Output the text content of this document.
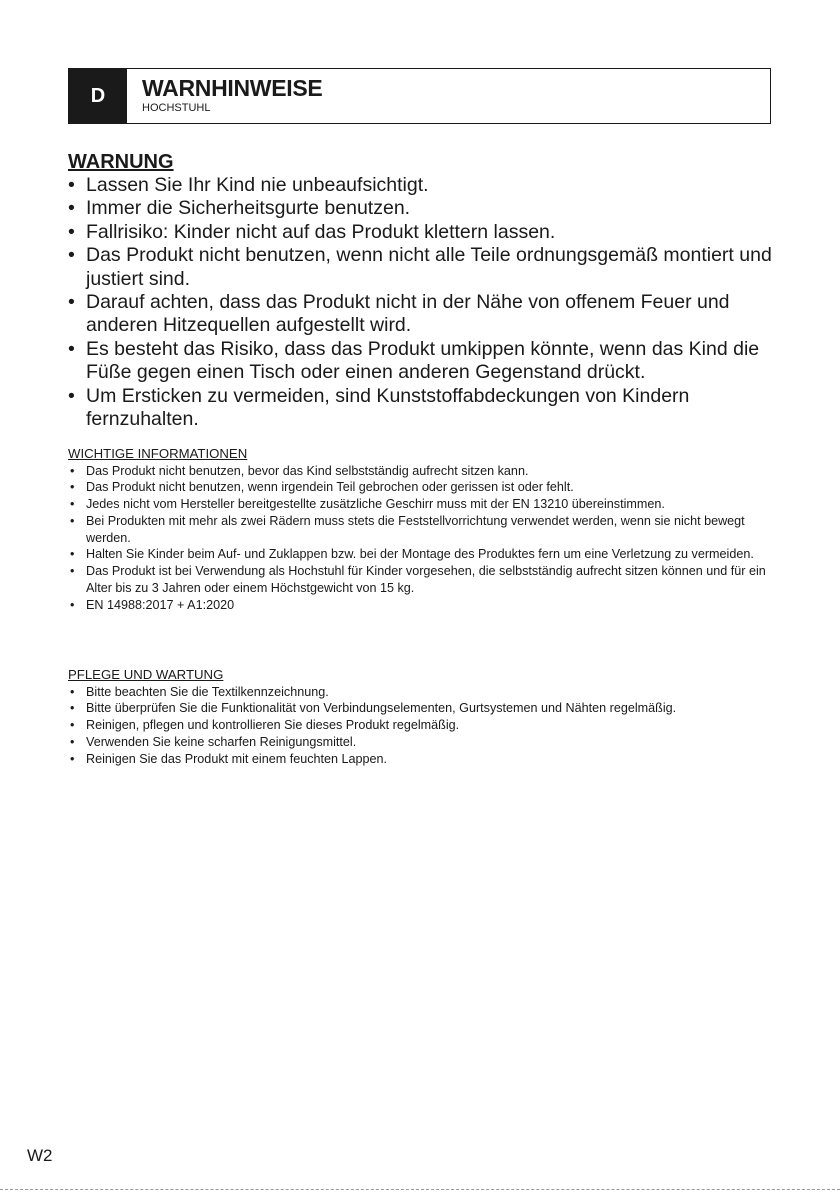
D	WARNHINWEISE
HOCHSTUHL
WARNUNG
• Lassen Sie Ihr Kind nie unbeaufsichtigt.
• Immer die Sicherheitsgurte benutzen.
• Fallrisiko: Kinder nicht auf das Produkt klettern lassen.
• Das Produkt nicht benutzen, wenn nicht alle Teile ordnungsgemäß montiert und justiert sind.
• Darauf achten, dass das Produkt nicht in der Nähe von offenem Feuer und anderen Hitzequellen aufgestellt wird.
• Es besteht das Risiko, dass das Produkt umkippen könnte, wenn das Kind die Füße gegen einen Tisch oder einen anderen Gegenstand drückt.
• Um Ersticken zu vermeiden, sind Kunststoffabdeckungen von Kindern fernzuhalten.
WICHTIGE INFORMATIONEN
• Das Produkt nicht benutzen, bevor das Kind selbstständig aufrecht sitzen kann.
• Das Produkt nicht benutzen, wenn irgendein Teil gebrochen oder gerissen ist oder fehlt.
• Jedes nicht vom Hersteller bereitgestellte zusätzliche Geschirr muss mit der EN 13210 übereinstimmen.
• Bei Produkten mit mehr als zwei Rädern muss stets die Feststellvorrichtung verwendet werden, wenn sie nicht bewegt werden.
• Halten Sie Kinder beim Auf- und Zuklappen bzw. bei der Montage des Produktes fern um eine Verletzung zu vermeiden.
• Das Produkt ist bei Verwendung als Hochstuhl für Kinder vorgesehen, die selbstständig aufrecht sitzen können und für ein Alter bis zu 3 Jahren oder einem Höchstgewicht von 15 kg.
• EN 14988:2017 + A1:2020
PFLEGE UND WARTUNG
• Bitte beachten Sie die Textilkennzeichnung.
• Bitte überprüfen Sie die Funktionalität von Verbindungselementen, Gurtsystemen und Nähten regelmäßig.
• Reinigen, pflegen und kontrollieren Sie dieses Produkt regelmäßig.
• Verwenden Sie keine scharfen Reinigungsmittel.
• Reinigen Sie das Produkt mit einem feuchten Lappen.
W2
